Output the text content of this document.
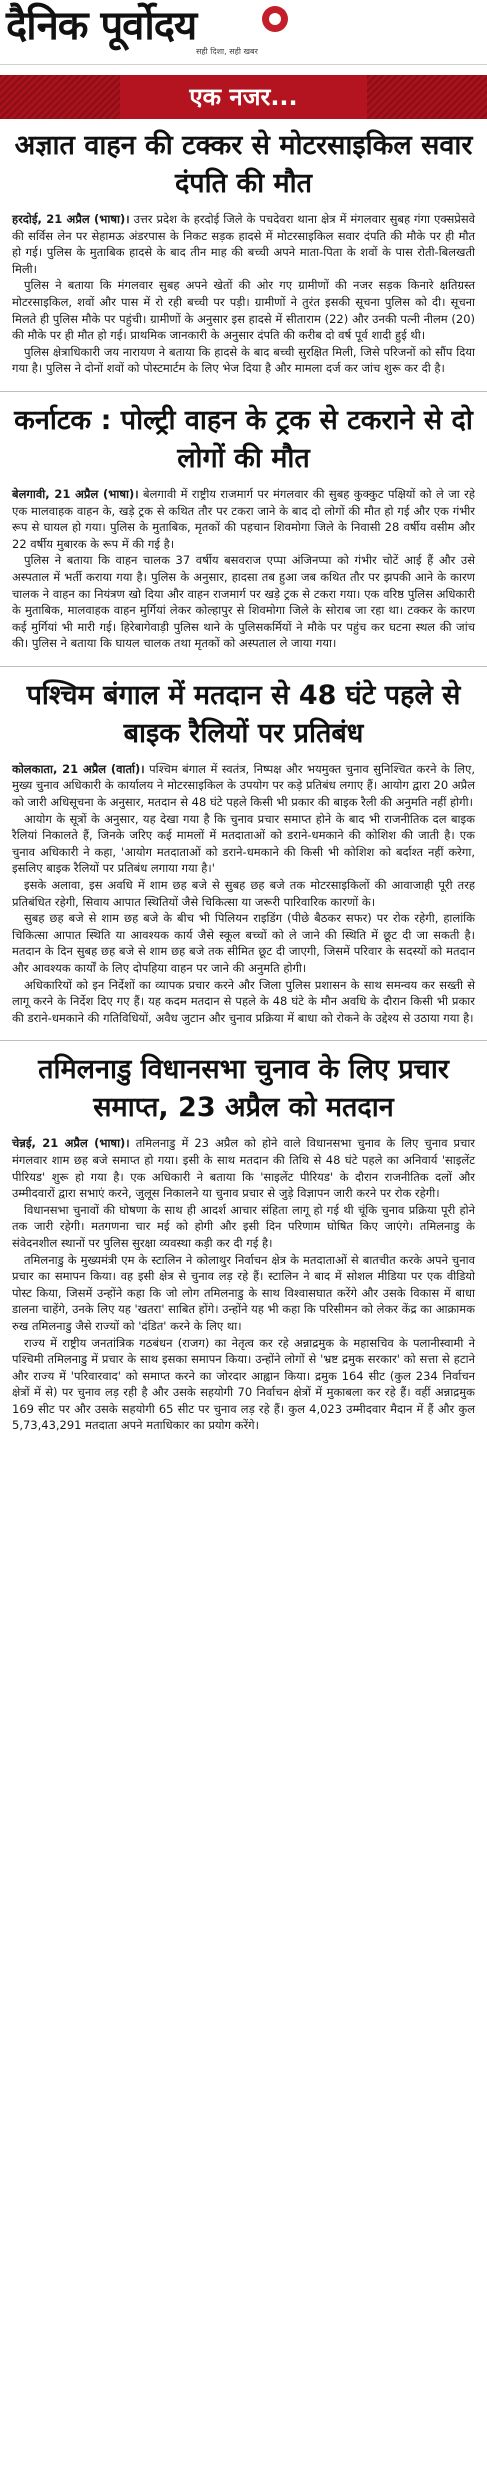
दैनिक पूर्वोदय
सही दिशा, सही खबर
एक नजर...
अज्ञात वाहन की टक्कर से मोटरसाइकिल सवार दंपति की मौत

हरदोई, 21 अप्रैल (भाषा)। उत्तर प्रदेश के हरदोई जिले के पचदेवरा थाना क्षेत्र में मंगलवार सुबह गंगा एक्सप्रेसवे की सर्विस लेन पर सेहामऊ अंडरपास के निकट सड़क हादसे में मोटरसाइकिल सवार दंपति की मौके पर ही मौत हो गई। पुलिस के मुताबिक हादसे के बाद तीन माह की बच्ची अपने माता-पिता के शवों के पास रोती-बिलखती मिली।

पुलिस ने बताया कि मंगलवार सुबह अपने खेतों की ओर गए ग्रामीणों की नजर सड़क किनारे क्षतिग्रस्त मोटरसाइकिल, शवों और पास में रो रही बच्ची पर पड़ी। ग्रामीणों ने तुरंत इसकी सूचना पुलिस को दी। सूचना मिलते ही पुलिस मौके पर पहुंची। ग्रामीणों के अनुसार इस हादसे में सीताराम (22) और उनकी पत्नी नीलम (20) की मौके पर ही मौत हो गई। प्राथमिक जानकारी के अनुसार दंपति की करीब दो वर्ष पूर्व शादी हुई थी।

पुलिस क्षेत्राधिकारी जय नारायण ने बताया कि हादसे के बाद बच्ची सुरक्षित मिली, जिसे परिजनों को सौंप दिया गया है। पुलिस ने दोनों शवों को पोस्टमार्टम के लिए भेज दिया है और मामला दर्ज कर जांच शुरू कर दी है।

कर्नाटक : पोल्ट्री वाहन के ट्रक से टकराने से दो लोगों की मौत

बेलगावी, 21 अप्रैल (भाषा)। बेलगावी में राष्ट्रीय राजमार्ग पर मंगलवार की सुबह कुक्कुट पक्षियों को ले जा रहे एक मालवाहक वाहन के, खड़े ट्रक से कथित तौर पर टकरा जाने के बाद दो लोगों की मौत हो गई और एक गंभीर रूप से घायल हो गया। पुलिस के मुताबिक, मृतकों की पहचान शिवमोगा जिले के निवासी 28 वर्षीय वसीम और 22 वर्षीय मुबारक के रूप में की गई है।

पुलिस ने बताया कि वाहन चालक 37 वर्षीय बसवराज एप्पा अंजिनप्पा को गंभीर चोटें आई हैं और उसे अस्पताल में भर्ती कराया गया है। पुलिस के अनुसार, हादसा तब हुआ जब कथित तौर पर झपकी आने के कारण चालक ने वाहन का नियंत्रण खो दिया और वाहन राजमार्ग पर खड़े ट्रक से टकरा गया। एक वरिष्ठ पुलिस अधिकारी के मुताबिक, मालवाहक वाहन मुर्गियां लेकर कोल्हापुर से शिवमोगा जिले के सोराब जा रहा था। टक्कर के कारण कई मुर्गियां भी मारी गई। हिरेबागेवाड़ी पुलिस थाने के पुलिसकर्मियों ने मौके पर पहुंच कर घटना स्थल की जांच की। पुलिस ने बताया कि घायल चालक तथा मृतकों को अस्पताल ले जाया गया।

पश्चिम बंगाल में मतदान से 48 घंटे पहले से बाइक रैलियों पर प्रतिबंध

कोलकाता, 21 अप्रैल (वार्ता)। पश्चिम बंगाल में स्वतंत्र, निष्पक्ष और भयमुक्त चुनाव सुनिश्चित करने के लिए, मुख्य चुनाव अधिकारी के कार्यालय ने मोटरसाइकिल के उपयोग पर कड़े प्रतिबंध लगाए हैं। आयोग द्वारा 20 अप्रैल को जारी अधिसूचना के अनुसार, मतदान से 48 घंटे पहले किसी भी प्रकार की बाइक रैली की अनुमति नहीं होगी।

आयोग के सूत्रों के अनुसार, यह देखा गया है कि चुनाव प्रचार समाप्त होने के बाद भी राजनीतिक दल बाइक रैलियां निकालते हैं, जिनके जरिए कई मामलों में मतदाताओं को डराने-धमकाने की कोशिश की जाती है। एक चुनाव अधिकारी ने कहा, 'आयोग मतदाताओं को डराने-धमकाने की किसी भी कोशिश को बर्दाश्त नहीं करेगा, इसलिए बाइक रैलियों पर प्रतिबंध लगाया गया है।'

इसके अलावा, इस अवधि में शाम छह बजे से सुबह छह बजे तक मोटरसाइकिलों की आवाजाही पूरी तरह प्रतिबंधित रहेगी, सिवाय आपात स्थितियों जैसे चिकित्सा या जरूरी पारिवारिक कारणों के।

सुबह छह बजे से शाम छह बजे के बीच भी पिलियन राइडिंग (पीछे बैठकर सफर) पर रोक रहेगी, हालांकि चिकित्सा आपात स्थिति या आवश्यक कार्य जैसे स्कूल बच्चों को ले जाने की स्थिति में छूट दी जा सकती है। मतदान के दिन सुबह छह बजे से शाम छह बजे तक सीमित छूट दी जाएगी, जिसमें परिवार के सदस्यों को मतदान और आवश्यक कार्यों के लिए दोपहिया वाहन पर जाने की अनुमति होगी।

अधिकारियों को इन निर्देशों का व्यापक प्रचार करने और जिला पुलिस प्रशासन के साथ समन्वय कर सख्ती से लागू करने के निर्देश दिए गए हैं। यह कदम मतदान से पहले के 48 घंटे के मौन अवधि के दौरान किसी भी प्रकार की डराने-धमकाने की गतिविधियों, अवैध जुटान और चुनाव प्रक्रिया में बाधा को रोकने के उद्देश्य से उठाया गया है।

तमिलनाडु विधानसभा चुनाव के लिए प्रचार समाप्त, 23 अप्रैल को मतदान

चेन्नई, 21 अप्रैल (भाषा)। तमिलनाडु में 23 अप्रैल को होने वाले विधानसभा चुनाव के लिए चुनाव प्रचार मंगलवार शाम छह बजे समाप्त हो गया। इसी के साथ मतदान की तिथि से 48 घंटे पहले का अनिवार्य 'साइलेंट पीरियड' शुरू हो गया है। एक अधिकारी ने बताया कि 'साइलेंट पीरियड' के दौरान राजनीतिक दलों और उम्मीदवारों द्वारा सभाएं करने, जुलूस निकालने या चुनाव प्रचार से जुड़े विज्ञापन जारी करने पर रोक रहेगी।

विधानसभा चुनावों की घोषणा के साथ ही आदर्श आचार संहिता लागू हो गई थी चूंकि चुनाव प्रक्रिया पूरी होने तक जारी रहेगी। मतगणना चार मई को होगी और इसी दिन परिणाम घोषित किए जाएंगे। तमिलनाडु के संवेदनशील स्थानों पर पुलिस सुरक्षा व्यवस्था कड़ी कर दी गई है।

तमिलनाडु के मुख्यमंत्री एम के स्टालिन ने कोलाथुर निर्वाचन क्षेत्र के मतदाताओं से बातचीत करके अपने चुनाव प्रचार का समापन किया। वह इसी क्षेत्र से चुनाव लड़ रहे हैं। स्टालिन ने बाद में सोशल मीडिया पर एक वीडियो पोस्ट किया, जिसमें उन्होंने कहा कि जो लोग तमिलनाडु के साथ विश्वासघात करेंगे और उसके विकास में बाधा डालना चाहेंगे, उनके लिए यह 'खतरा' साबित होंगे। उन्होंने यह भी कहा कि परिसीमन को लेकर केंद्र का आक्रामक रुख तमिलनाडु जैसे राज्यों को 'दंडित' करने के लिए था।

राज्य में राष्ट्रीय जनतांत्रिक गठबंधन (राजग) का नेतृत्व कर रहे अन्नाद्रमुक के महासचिव के पलानीस्वामी ने पश्चिमी तमिलनाडु में प्रचार के साथ इसका समापन किया। उन्होंने लोगों से 'भ्रष्ट द्रमुक सरकार' को सत्ता से हटाने और राज्य में 'परिवारवाद' को समाप्त करने का जोरदार आह्वान किया। द्रमुक 164 सीट (कुल 234 निर्वाचन क्षेत्रों में से) पर चुनाव लड़ रही है और उसके सहयोगी 70 निर्वाचन क्षेत्रों में मुकाबला कर रहे हैं। वहीं अन्नाद्रमुक 169 सीट पर और उसके सहयोगी 65 सीट पर चुनाव लड़ रहे हैं। कुल 4,023 उम्मीदवार मैदान में हैं और कुल 5,73,43,291 मतदाता अपने मताधिकार का प्रयोग करेंगे।
